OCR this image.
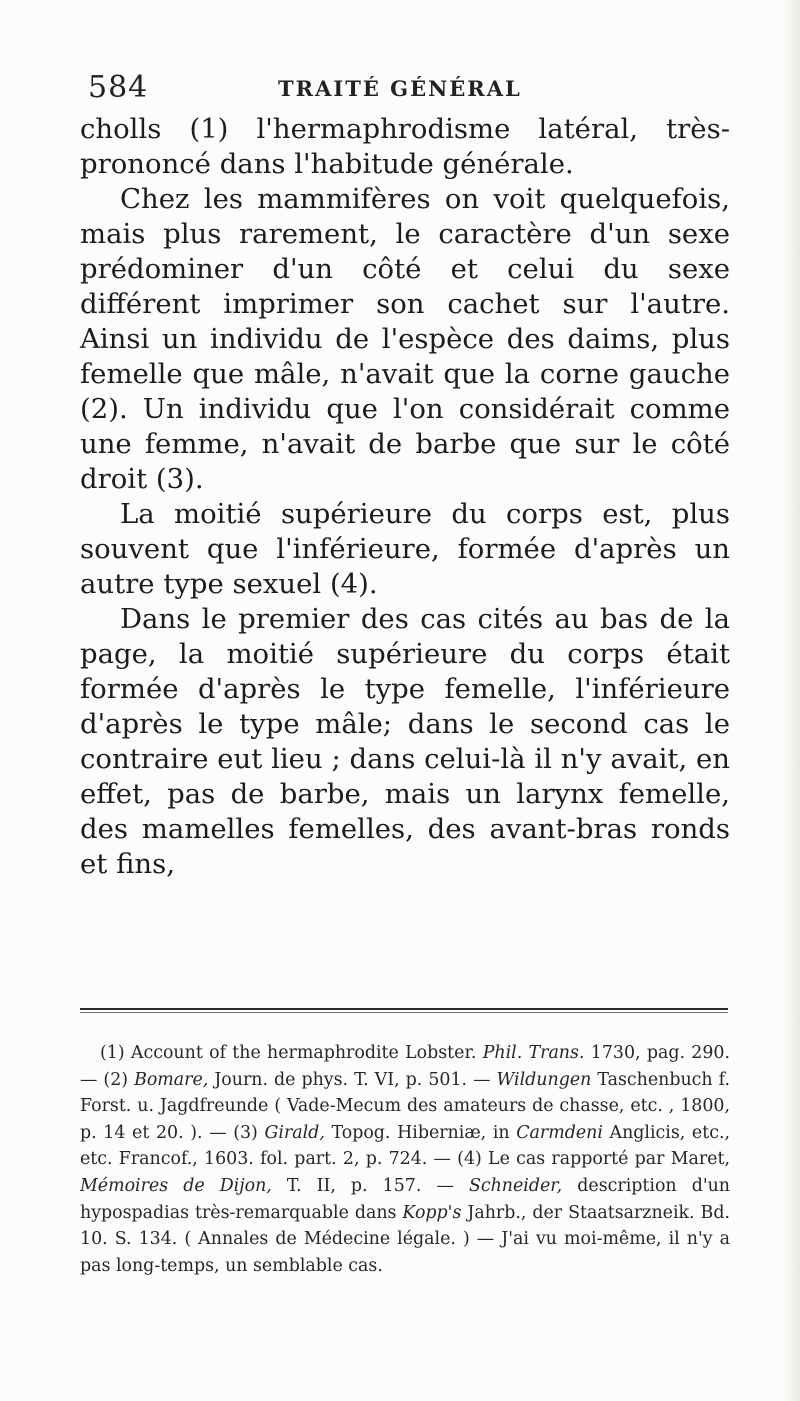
584	TRAITÉ GÉNÉRAL

cholls (1) l'hermaphrodisme latéral, très-prononcé dans l'habitude générale.

Chez les mammifères on voit quelquefois, mais plus rarement, le caractère d'un sexe prédominer d'un côté et celui du sexe différent imprimer son cachet sur l'autre. Ainsi un individu de l'espèce des daims, plus femelle que mâle, n'avait que la corne gauche (2). Un individu que l'on considérait comme une femme, n'avait de barbe que sur le côté droit (3).

La moitié supérieure du corps est, plus souvent que l'inférieure, formée d'après un autre type sexuel (4).

Dans le premier des cas cités au bas de la page, la moitié supérieure du corps était formée d'après le type femelle, l'inférieure d'après le type mâle; dans le second cas le contraire eut lieu ; dans celui-là il n'y avait, en effet, pas de barbe, mais un larynx femelle, des mamelles femelles, des avant-bras ronds et fins,

(1) Account of the hermaphrodite Lobster. Phil. Trans. 1730, pag. 290. — (2) Bomare, Journ. de phys. T. VI, p. 501. — Wildungen Taschenbuch f. Forst. u. Jagdfreunde ( Vade-Mecum des amateurs de chasse, etc. , 1800, p. 14 et 20. ). — (3) Girald, Topog. Hiberniæ, in Carmdeni Anglicis, etc., etc. Francof., 1603. fol. part. 2, p. 724. — (4) Le cas rapporté par Maret, Mémoires de Dijon, T. II, p. 157. — Schneider, description d'un hypospadias très-remarquable dans Kopp's Jahrb., der Staatsarzneik. Bd. 10. S. 134. ( Annales de Médecine légale. ) — J'ai vu moi-même, il n'y a pas long-temps, un semblable cas.
